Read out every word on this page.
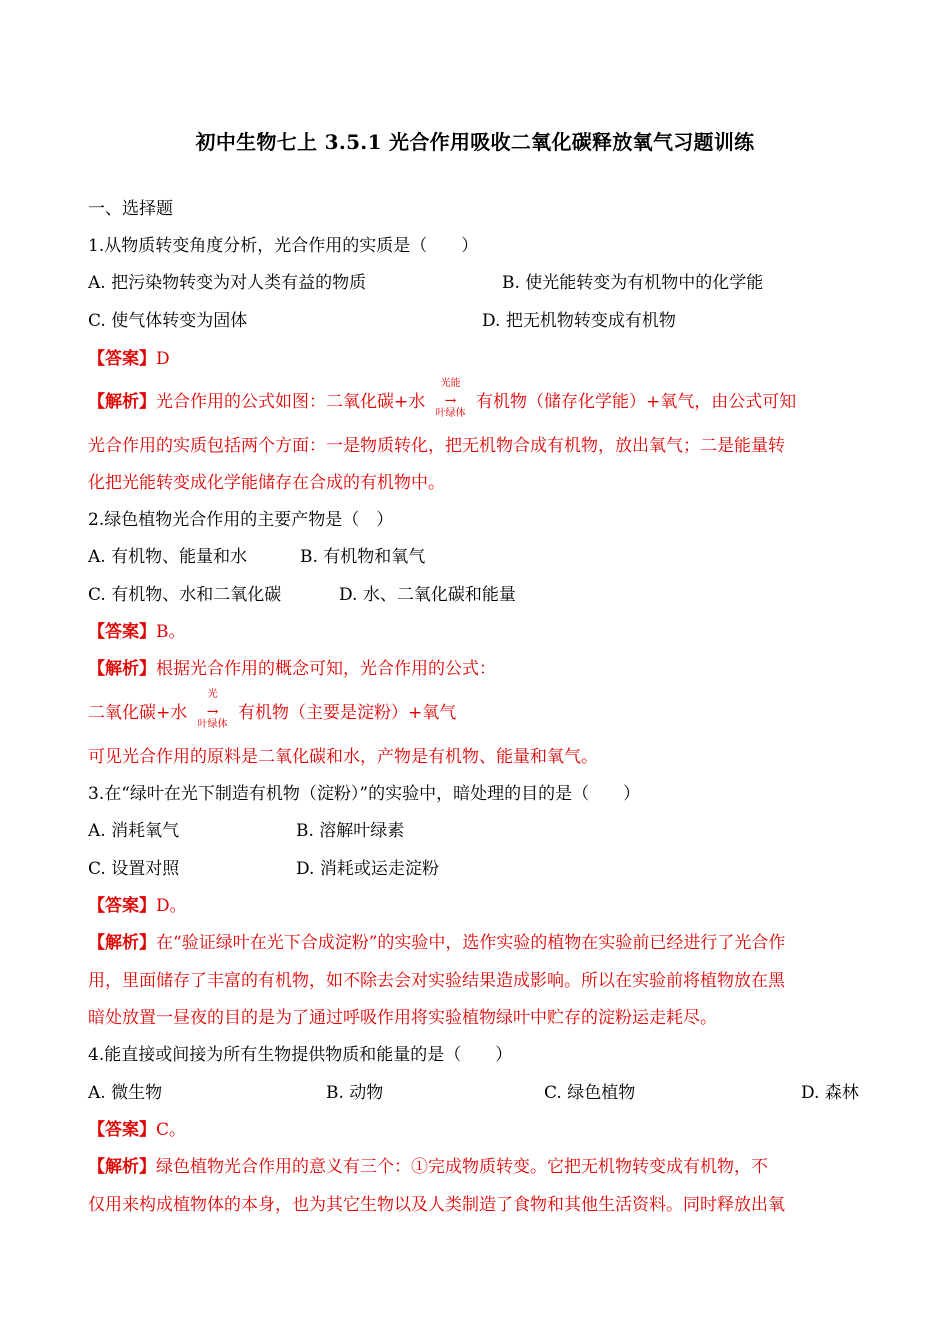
初中生物七上 3.5.1 光合作用吸收二氧化碳释放氧气习题训练
一、选择题
1.从物质转变角度分析，光合作用的实质是（　　）
A. 把污染物转变为对人类有益的物质	B. 使光能转变为有机物中的化学能
C. 使气体转变为固体	D. 把无机物转变成有机物
【答案】D
【解析】光合作用的公式如图：二氧化碳+水
光能
→
叶绿体
有机物（储存化学能）+氧气，由公式可知
光合作用的实质包括两个方面：一是物质转化，把无机物合成有机物，放出氧气；二是能量转
化把光能转变成化学能储存在合成的有机物中。
2.绿色植物光合作用的主要产物是（　）
A. 有机物、能量和水	B. 有机物和氧气
C. 有机物、水和二氧化碳	D. 水、二氧化碳和能量
【答案】B。
【解析】根据光合作用的概念可知，光合作用的公式：
二氧化碳+水
光
→
叶绿体
有机物（主要是淀粉）+氧气
可见光合作用的原料是二氧化碳和水，产物是有机物、能量和氧气。
3.在“绿叶在光下制造有机物（淀粉）”的实验中，暗处理的目的是（　　）
A. 消耗氧气	B. 溶解叶绿素
C. 设置对照	D. 消耗或运走淀粉
【答案】D。
【解析】在“验证绿叶在光下合成淀粉”的实验中，选作实验的植物在实验前已经进行了光合作
用，里面储存了丰富的有机物，如不除去会对实验结果造成影响。所以在实验前将植物放在黑
暗处放置一昼夜的目的是为了通过呼吸作用将实验植物绿叶中贮存的淀粉运走耗尽。
4.能直接或间接为所有生物提供物质和能量的是（　　）
A. 微生物	B. 动物	C. 绿色植物	D. 森林
【答案】C。
【解析】绿色植物光合作用的意义有三个：①完成物质转变。它把无机物转变成有机物，不
仅用来构成植物体的本身，也为其它生物以及人类制造了食物和其他生活资料。同时释放出氧
